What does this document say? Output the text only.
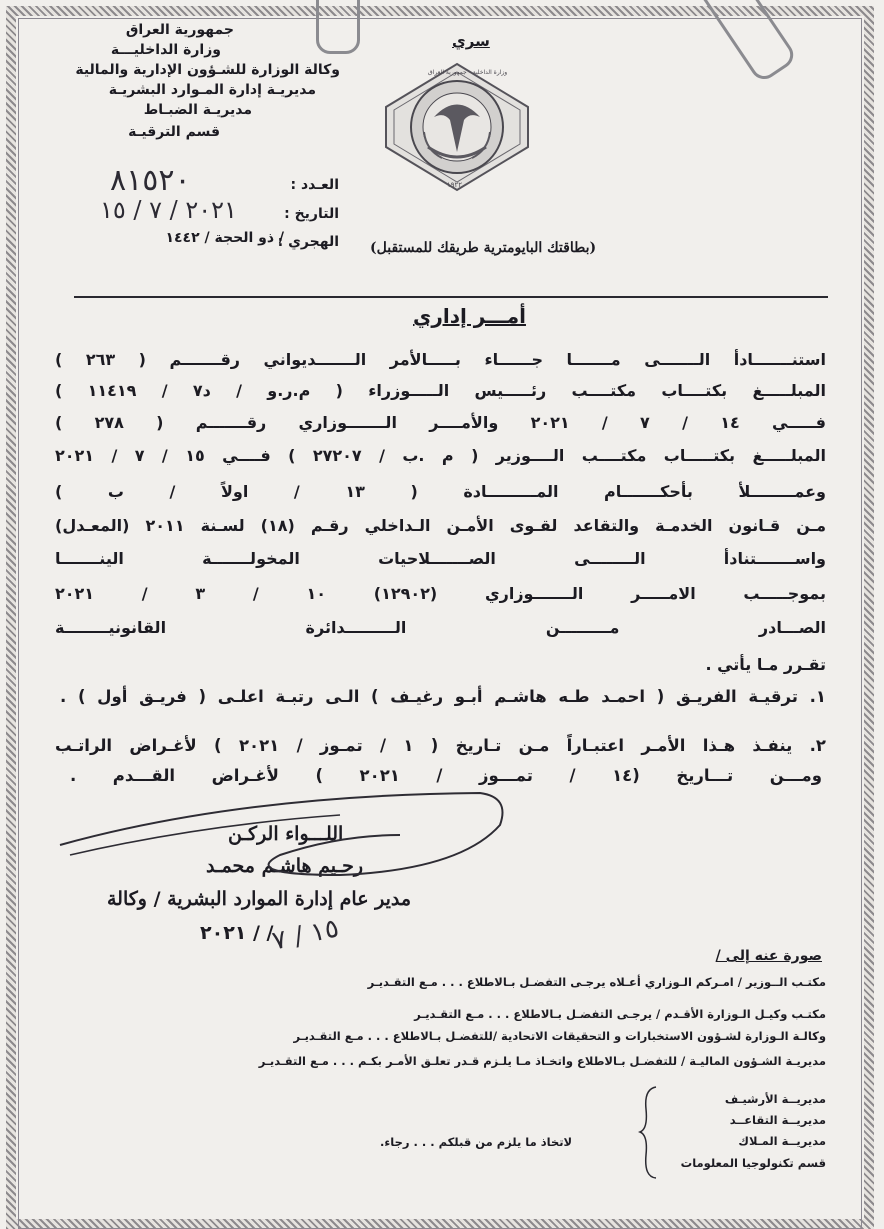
جمهورية العراق
وزارة الداخليـــة
وكالة الوزارة للشـؤون الإدارية والمالية
مديريـة إدارة المـوارد البشريـة
مديريـة الضبـاط
قسم الترقيـة
العـدد :
٨١٥٢٠
التاريخ :
٢٠٢١ / ٧ / ١٥
الهجري :
/ ذو الحجة / ١٤٤٢
سري
وزارة الداخلية - جمهورية العراق
١٩٢٢
(بطاقتك البايومترية طريقك للمستقبل)
أمـــر إداري
استنـــــــادأ الـــــــى مـــــــا جــــــاء بـــــالأمر الـــــــديواني رقـــــــم ( ٢٦٣ )
المبلـــــغ بكتــــاب مكتــــب رئـــــيس الـــــوزراء ( م.ر.و / د٧ / ١١٤١٩ )
فـــــي ١٤ / ٧ / ٢٠٢١ والأمــــر الـــــــوزاري رقـــــــم ( ٢٧٨ )
المبلـــــغ بكتـــــاب مكتــــب الــــوزير ( م .ب / ٢٧٢٠٧ ) فــــي ١٥ / ٧ / ٢٠٢١
وعمــــــــلأ بأحكـــــــام المـــــــــادة ( ١٣ / اولاً / ب )
مـن قـانون الخدمـة والتقاعد لقـوى الأمـن الـداخلي رقـم (١٨) لسـنة ٢٠١١ (المعـدل)
واســـــــتنادأ الــــــــى الصـــــــلاحيات المخولـــــــة الينـــــــا
بموجـــــب الامـــــر الـــــــوزاري (١٢٩٠٢) ١٠ / ٣ / ٢٠٢١
الصـــادر مـــــــــن الـــــــــدائرة القانونيــــــــة
تقـرر مـا يأتي .
١. ترقيـة الفريـق ( احمـد طـه هاشـم أبـو رغيـف ) الـى رتبـة اعلـى ( فريـق أول ) .
٢. ينفـذ هـذا الأمـر اعتبـاراً مـن تـاريخ ( ١ / تمـوز / ٢٠٢١ ) لأغـراض الراتـب
ومـــن تـــاريخ (١٤ / تمـــوز / ٢٠٢١ ) لأغـراض القـــدم .
اللـــواء الركـن
رحـيم هاشـم محمـد
مدير عام إدارة الموارد البشرية / وكالة
٢٠٢١ / /
١٥ / ٧
صورة عنه إلى /
مكتـب الــوزير / امـركم الـوزاري أعـلاه يرجـى التفضـل بـالاطلاع . . . مـع التقـديـر
مكتـب وكيـل الـوزارة الأقـدم / يرجـى التفضـل بـالاطلاع . . . مـع التقـديـر
وكالـة الـوزارة لشـؤون الاستخبارات و التحقيقات الاتحادية /للتفضـل بـالاطلاع . . . مـع التقـديـر
مديريـة الشـؤون الماليـة / للتفضـل بـالاطلاع واتخـاذ مـا يلـزم قـدر تعلـق الأمـر بكـم . . . مـع التقـديـر
مديريــة الأرشيـف
مديريــة التقاعــد
مديريــة المـلاك
قسم تكنولوجيا المعلومات
لاتخاذ ما يلزم من قبلكم . . . رجاء.
